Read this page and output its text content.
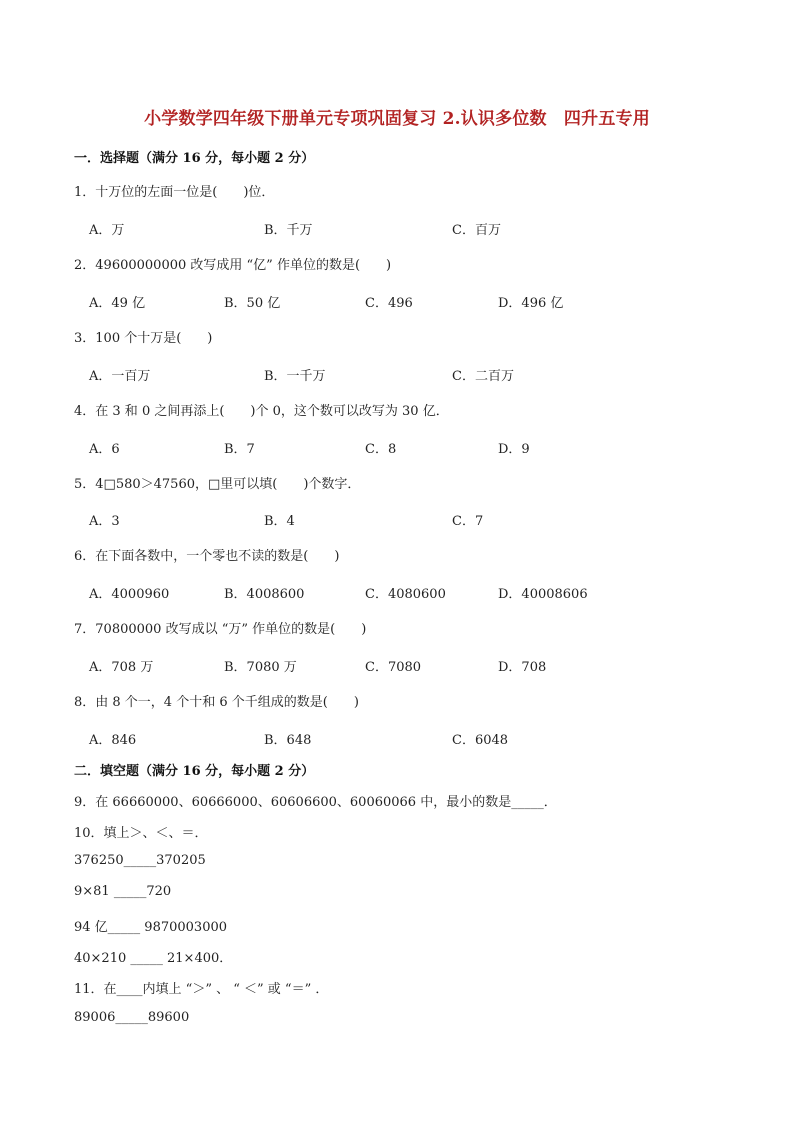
小学数学四年级下册单元专项巩固复习 2.认识多位数　四升五专用
一．选择题（满分 16 分，每小题 2 分）
1．十万位的左面一位是(　　)位．
A．万	B．千万	C．百万
2．49600000000 改写成用 “亿” 作单位的数是(　　)
A．49 亿	B．50 亿	C．496	D．496 亿
3．100 个十万是(　　)
A．一百万	B．一千万	C．二百万
4．在 3 和 0 之间再添上(　　)个 0，这个数可以改写为 30 亿．
A．6	B．7	C．8	D．9
5．4□580＞47560，□里可以填(　　)个数字．
A．3	B．4	C．7
6．在下面各数中，一个零也不读的数是(　　)
A．4000960	B．4008600	C．4080600	D．40008606
7．70800000 改写成以 “万” 作单位的数是(　　)
A．708 万	B．7080 万	C．7080	D．708
8．由 8 个一，4 个十和 6 个千组成的数是(　　)
A．846	B．648	C．6048
二．填空题（满分 16 分，每小题 2 分）
9．在 66660000、60666000、60606600、60060066 中，最小的数是_____．
10．填上＞、＜、＝．
376250_____370205
9×81 _____720
94 亿_____ 9870003000
40×210 _____ 21×400．
11．在____内填上 “＞” 、 “ ＜” 或 “＝” ．
89006_____89600
